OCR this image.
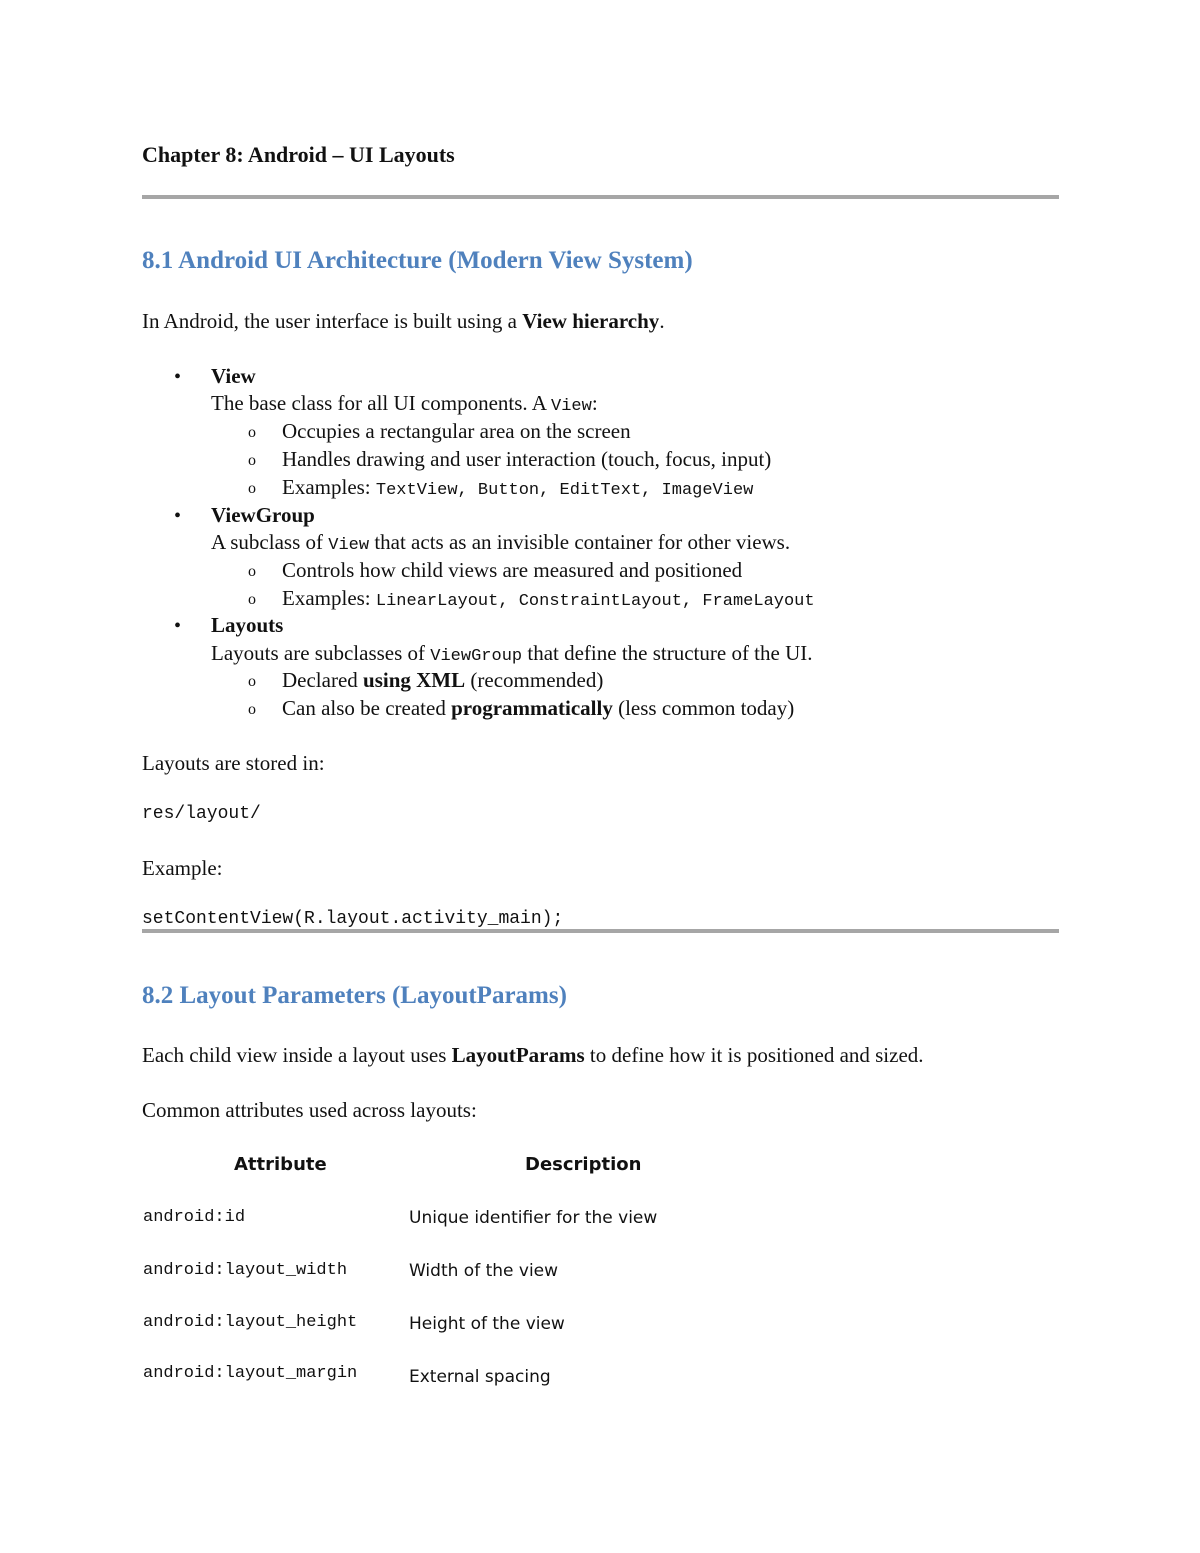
Chapter 8: Android – UI Layouts
8.1 Android UI Architecture (Modern View System)
In Android, the user interface is built using a View hierarchy.
• View
The base class for all UI components. A View:
o Occupies a rectangular area on the screen
o Handles drawing and user interaction (touch, focus, input)
o Examples: TextView, Button, EditText, ImageView
• ViewGroup
A subclass of View that acts as an invisible container for other views.
o Controls how child views are measured and positioned
o Examples: LinearLayout, ConstraintLayout, FrameLayout
• Layouts
Layouts are subclasses of ViewGroup that define the structure of the UI.
o Declared using XML (recommended)
o Can also be created programmatically (less common today)
Layouts are stored in:
res/layout/
Example:
setContentView(R.layout.activity_main);
8.2 Layout Parameters (LayoutParams)
Each child view inside a layout uses LayoutParams to define how it is positioned and sized.
Common attributes used across layouts:
Attribute	Description
android:id	Unique identifier for the view
android:layout_width	Width of the view
android:layout_height	Height of the view
android:layout_margin	External spacing
